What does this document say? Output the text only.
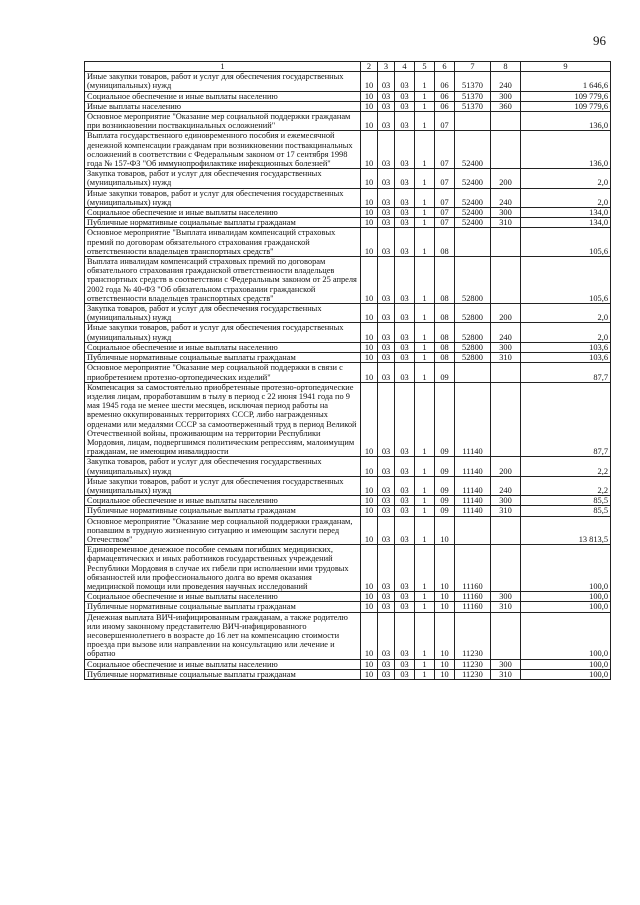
96
1	2	3	4	5	6	7	8	9
Иные закупки товаров, работ и услуг для обеспечения государственных (муниципальных) нужд	10	03	03	1	06	51370	240	1 646,6
Социальное обеспечение и иные выплаты населению	10	03	03	1	06	51370	300	109 779,6
Иные выплаты населению	10	03	03	1	06	51370	360	109 779,6
Основное мероприятие "Оказание мер социальной поддержки гражданам при возникновении поствакцинальных осложнений"	10	03	03	1	07			136,0
Выплата государственного единовременного пособия и ежемесячной денежной компенсации гражданам при возникновении поствакцинальных осложнений в соответствии с Федеральным законом от 17 сентября 1998 года № 157-ФЗ "Об иммунопрофилактике инфекционных болезней"	10	03	03	1	07	52400		136,0
Закупка товаров, работ и услуг для обеспечения государственных (муниципальных) нужд	10	03	03	1	07	52400	200	2,0
Иные закупки товаров, работ и услуг для обеспечения государственных (муниципальных) нужд	10	03	03	1	07	52400	240	2,0
Социальное обеспечение и иные выплаты населению	10	03	03	1	07	52400	300	134,0
Публичные нормативные социальные выплаты гражданам	10	03	03	1	07	52400	310	134,0
Основное мероприятие "Выплата инвалидам компенсаций страховых премий по договорам обязательного страхования гражданской ответственности владельцев транспортных средств"	10	03	03	1	08			105,6
Выплата инвалидам компенсаций страховых премий по договорам обязательного страхования гражданской ответственности владельцев транспортных средств в соответствии с Федеральным законом от 25 апреля 2002 года № 40-ФЗ "Об обязательном страховании гражданской ответственности владельцев транспортных средств"	10	03	03	1	08	52800		105,6
Закупка товаров, работ и услуг для обеспечения государственных (муниципальных) нужд	10	03	03	1	08	52800	200	2,0
Иные закупки товаров, работ и услуг для обеспечения государственных (муниципальных) нужд	10	03	03	1	08	52800	240	2,0
Социальное обеспечение и иные выплаты населению	10	03	03	1	08	52800	300	103,6
Публичные нормативные социальные выплаты гражданам	10	03	03	1	08	52800	310	103,6
Основное мероприятие "Оказание мер социальной поддержки в связи с приобретением протезно-ортопедических изделий"	10	03	03	1	09			87,7
Компенсация за самостоятельно приобретенные протезно-ортопедические изделия лицам, проработавшим в тылу в период с 22 июня 1941 года по 9 мая 1945 года не менее шести месяцев, исключая период работы на временно оккупированных территориях СССР, либо награжденных орденами или медалями СССР за самоотверженный труд в период Великой Отечественной войны, проживающим на территории Республики Мордовия, лицам, подвергшимся политическим репрессиям, малоимущим гражданам, не имеющим инвалидности	10	03	03	1	09	11140		87,7
Закупка товаров, работ и услуг для обеспечения государственных (муниципальных) нужд	10	03	03	1	09	11140	200	2,2
Иные закупки товаров, работ и услуг для обеспечения государственных (муниципальных) нужд	10	03	03	1	09	11140	240	2,2
Социальное обеспечение и иные выплаты населению	10	03	03	1	09	11140	300	85,5
Публичные нормативные социальные выплаты гражданам	10	03	03	1	09	11140	310	85,5
Основное мероприятие "Оказание мер социальной поддержки гражданам, попавшим в трудную жизненную ситуацию и имеющим заслуги перед Отечеством"	10	03	03	1	10			13 813,5
Единовременное денежное пособие семьям погибших медицинских, фармацевтических и иных работников государственных учреждений Республики Мордовия в случае их гибели при исполнении ими трудовых обязанностей или профессионального долга во время оказания медицинской помощи или проведения научных исследований	10	03	03	1	10	11160		100,0
Социальное обеспечение и иные выплаты населению	10	03	03	1	10	11160	300	100,0
Публичные нормативные социальные выплаты гражданам	10	03	03	1	10	11160	310	100,0
Денежная выплата ВИЧ-инфицированным гражданам, а также родителю или иному законному представителю ВИЧ-инфицированного несовершеннолетнего в возрасте до 16 лет на компенсацию стоимости проезда при вызове или направлении на консультацию или лечение и обратно	10	03	03	1	10	11230		100,0
Социальное обеспечение и иные выплаты населению	10	03	03	1	10	11230	300	100,0
Публичные нормативные социальные выплаты гражданам	10	03	03	1	10	11230	310	100,0
